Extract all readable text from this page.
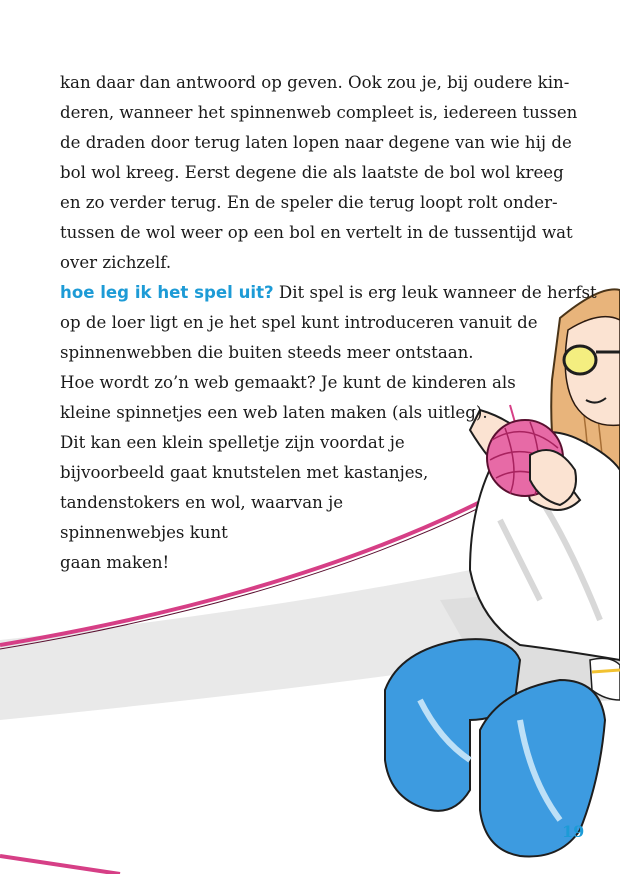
kan daar dan antwoord op geven. Ook zou je, bij oudere kin-
deren, wanneer het spinnenweb compleet is, iedereen tussen
de draden door terug laten lopen naar degene van wie hij de
bol wol kreeg. Eerst degene die als laatste de bol wol kreeg
en zo verder terug. En de speler die terug loopt rolt onder-
tussen de wol weer op een bol en vertelt in de tussentijd wat
over zichzelf.
hoe leg ik het spel uit? Dit spel is erg leuk wanneer de herfst
op de loer ligt en je het spel kunt introduceren vanuit de
spinnenwebben die buiten steeds meer ontstaan.
Hoe wordt zo’n web gemaakt? Je kunt de kinderen als
kleine spinnetjes een web laten maken (als uitleg).
Dit kan een klein spelletje zijn voordat je
bijvoorbeeld gaat knutstelen met kastanjes,
tandenstokers en wol, waarvan je
spinnenwebjes kunt
gaan maken!
19
